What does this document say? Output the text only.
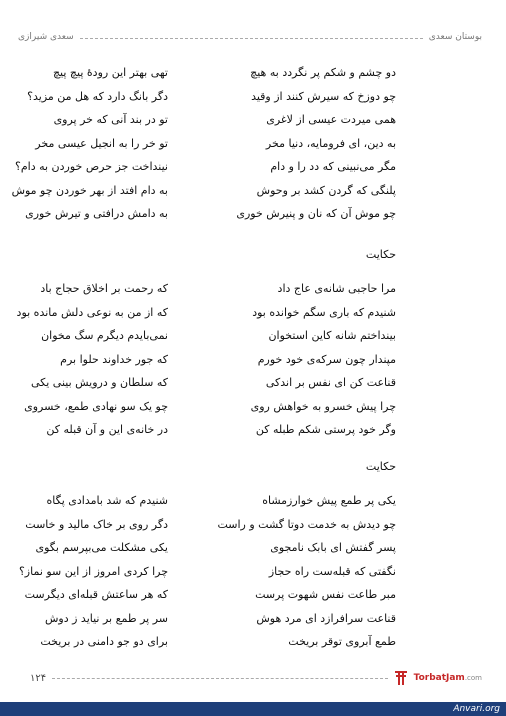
بوستان سعدی
سعدی شیرازی
دو چشم و شکم پر نگردد به هیچ
تهی بهتر این رودهٔ پیچ پیچ
چو دوزخ که سیرش کنند از وقید
دگر بانگ دارد که هل من مزید؟
همی میردت عیسی از لاغری
تو در بند آنی که خر پروی
به دین، ای فرومایه، دنیا مخر
تو خر را به انجیل عیسی مخر
مگر می‌نبینی که دد را و دام
نینداخت جز حرص خوردن به دام؟
پلنگی که گردن کشد بر وحوش
به دام افتد از بهر خوردن چو موش
چو موش آن که نان و پنیرش خوری
به دامش درافتی و تیرش خوری
حکایت
مرا حاجبی شانه‌ی عاج داد
که رحمت بر اخلاق حجاج باد
شنیدم که باری سگم خوانده بود
که از من به نوعی دلش مانده بود
بینداختم شانه کاین استخوان
نمی‌بایدم دیگرم سگ مخوان
مپندار چون سرکه‌ی خود خورم
که جور خداوند حلوا برم
قناعت کن ای نفس بر اندکی
که سلطان و درویش بینی یکی
چرا پیش خسرو به خواهش روی
چو یک سو نهادی طمع، خسروی
وگر خود پرستی شکم طبله کن
در خانه‌ی این و آن قبله کن
حکایت
یکی پر طمع پیش خوارزمشاه
شنیدم که شد بامدادی پگاه
چو دیدش به خدمت دوتا گشت و راست
دگر روی بر خاک مالید و خاست
پسر گفتش ای بابک نامجوی
یکی مشکلت می‌بپرسم بگوی
نگفتی که قبله‌ست راه حجاز
چرا کردی امروز از این سو نماز؟
مبر طاعت نفس شهوت پرست
که هر ساعتش قبله‌ای دیگرست
قناعت سرافرازد ای مرد هوش
سر پر طمع بر نیاید ز دوش
طمع آبروی توقر بریخت
برای دو جو دامنی در بریخت
۱۲۴	TorbatJam.com
Anvari.org
